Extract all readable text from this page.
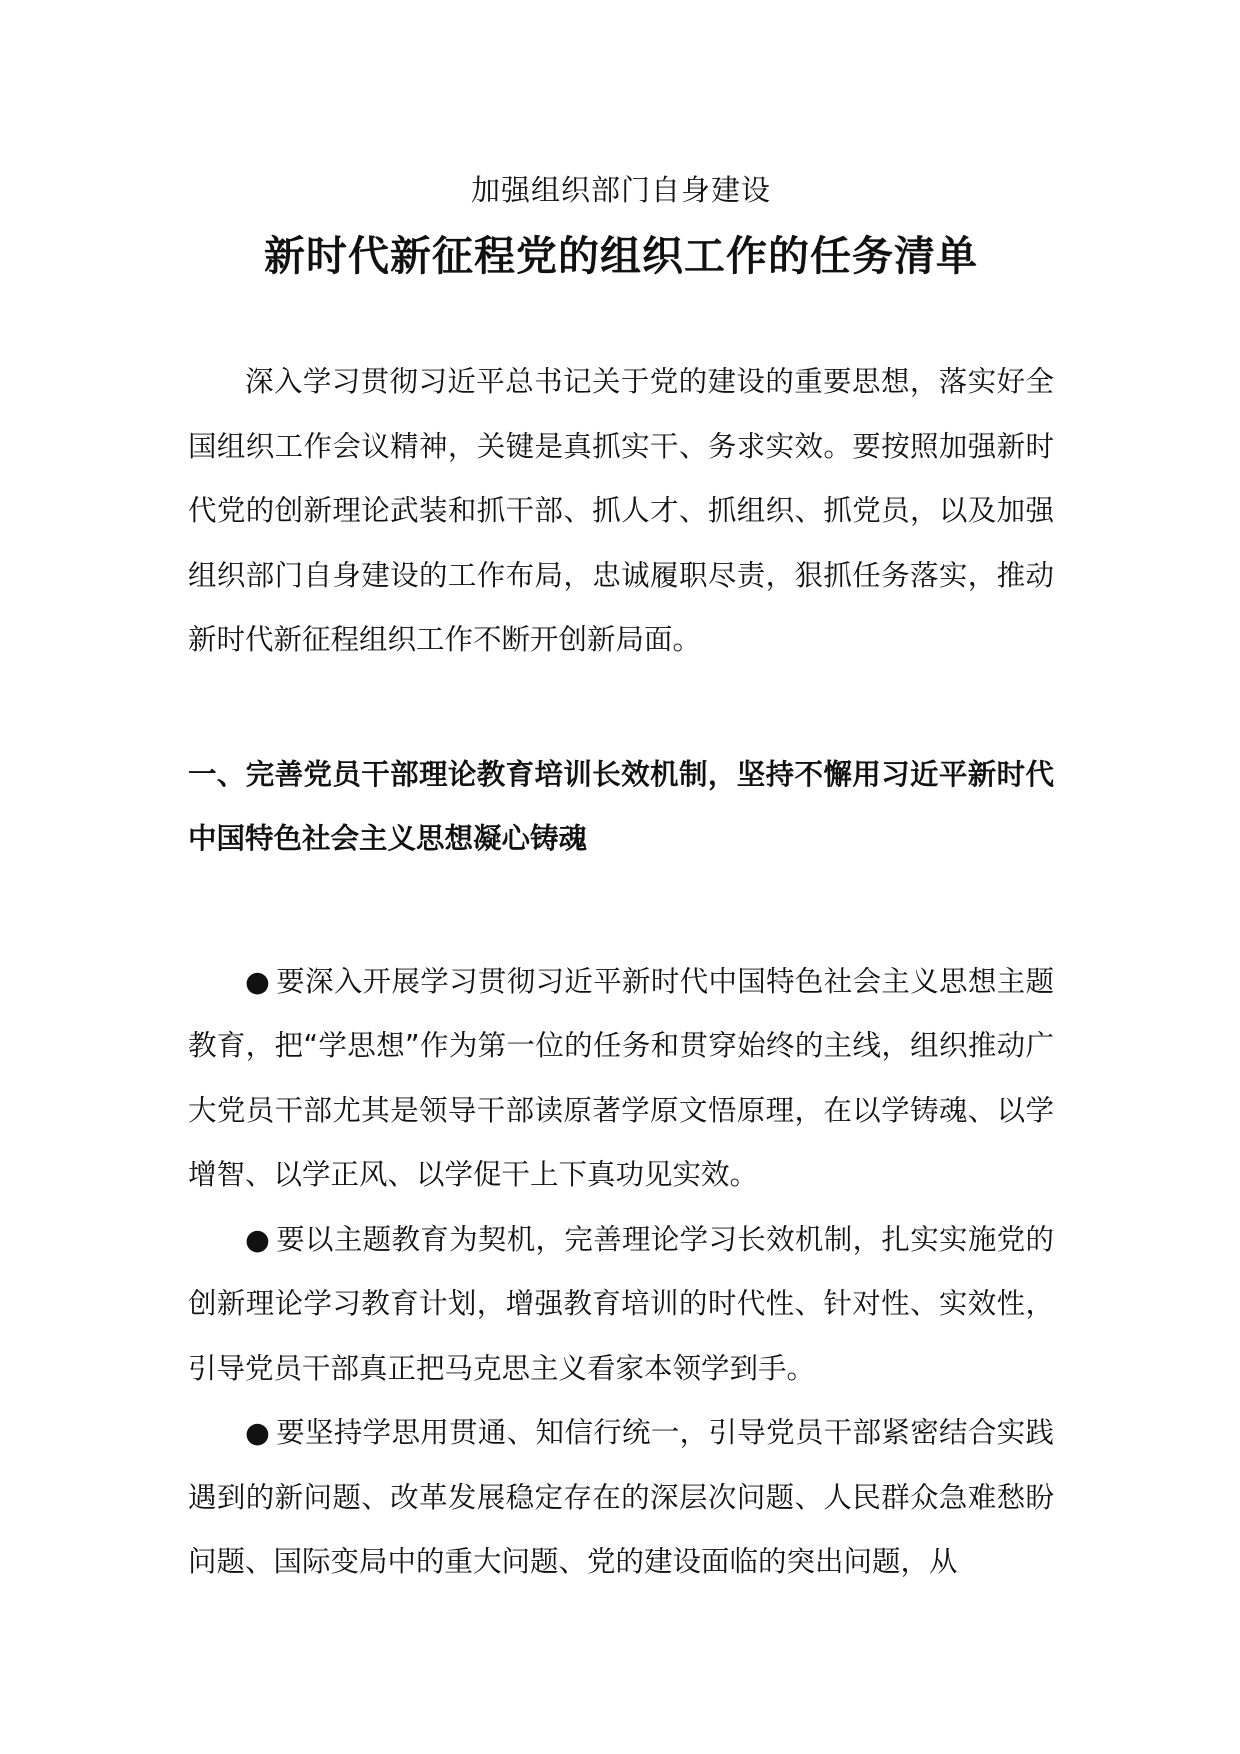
加强组织部门自身建设
新时代新征程党的组织工作的任务清单

深入学习贯彻习近平总书记关于党的建设的重要思想，落实好全国组织工作会议精神，关键是真抓实干、务求实效。要按照加强新时代党的创新理论武装和抓干部、抓人才、抓组织、抓党员，以及加强组织部门自身建设的工作布局，忠诚履职尽责，狠抓任务落实，推动新时代新征程组织工作不断开创新局面。

一、完善党员干部理论教育培训长效机制，坚持不懈用习近平新时代中国特色社会主义思想凝心铸魂

● 要深入开展学习贯彻习近平新时代中国特色社会主义思想主题教育，把“学思想”作为第一位的任务和贯穿始终的主线，组织推动广大党员干部尤其是领导干部读原著学原文悟原理，在以学铸魂、以学增智、以学正风、以学促干上下真功见实效。

● 要以主题教育为契机，完善理论学习长效机制，扎实实施党的创新理论学习教育计划，增强教育培训的时代性、针对性、实效性，引导党员干部真正把马克思主义看家本领学到手。

● 要坚持学思用贯通、知信行统一，引导党员干部紧密结合实践遇到的新问题、改革发展稳定存在的深层次问题、人民群众急难愁盼问题、国际变局中的重大问题、党的建设面临的突出问题，从
